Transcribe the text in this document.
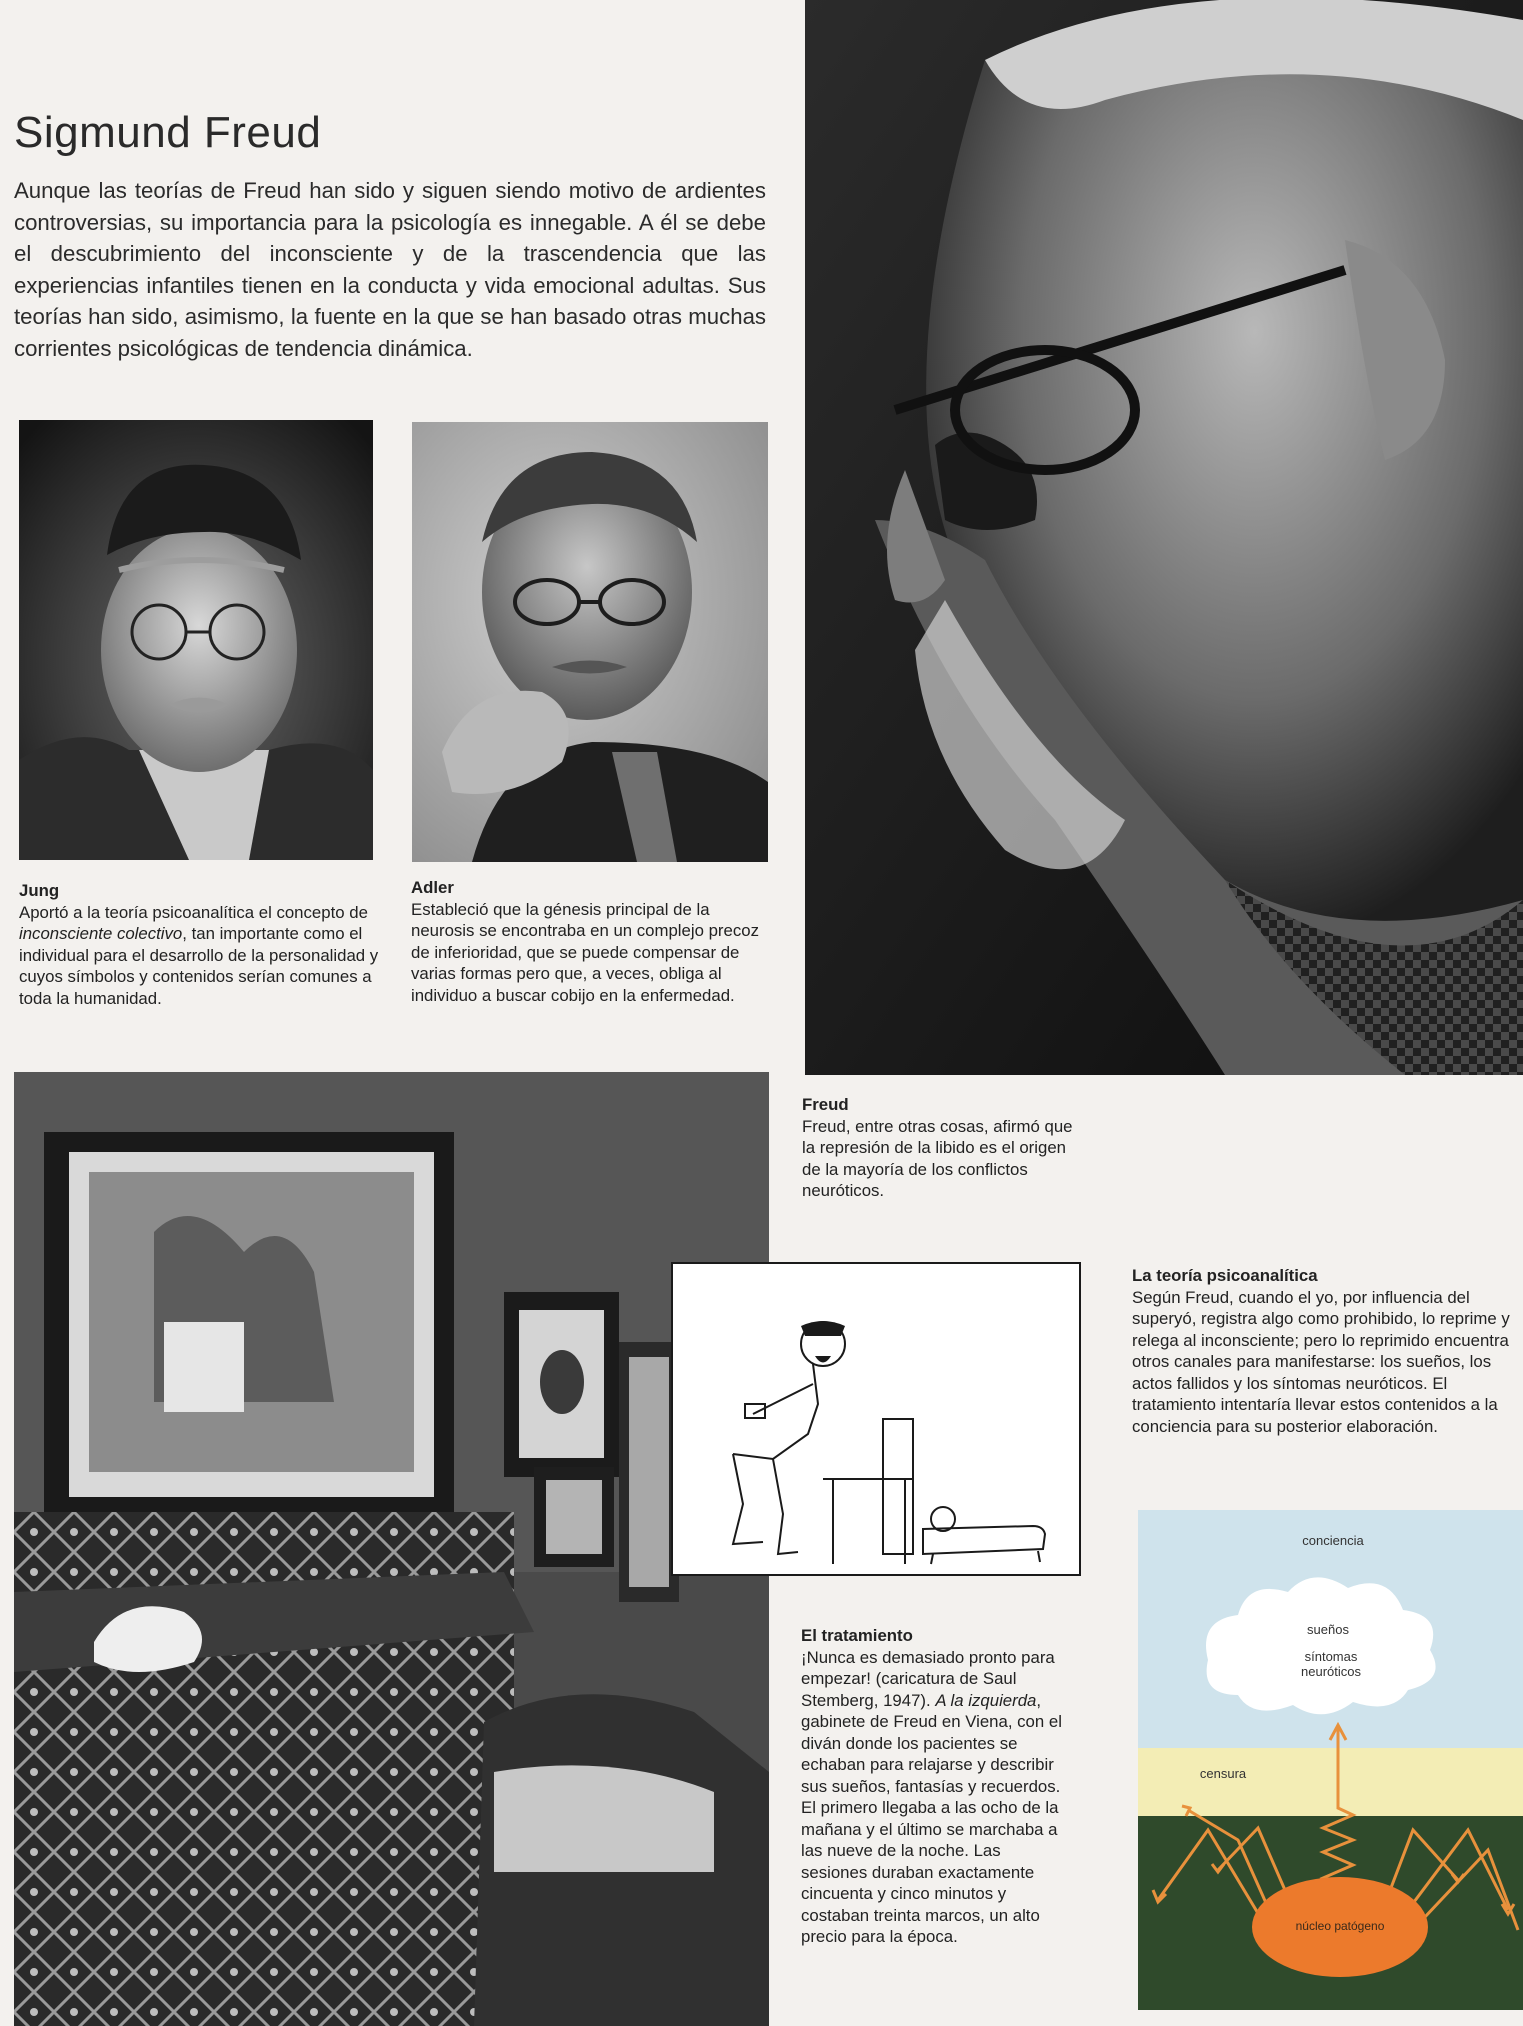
Sigmund Freud
Aunque las teorías de Freud han sido y siguen siendo motivo de ardientes controversias, su importancia para la psicología es innegable. A él se debe el descubrimiento del inconsciente y de la trascendencia que las experiencias infantiles tienen en la conducta y vida emocional adultas. Sus teorías han sido, asimismo, la fuente en la que se han basado otras muchas corrientes psicológicas de tendencia dinámica.
Jung
Aportó a la teoría psicoanalítica el concepto de inconsciente colectivo, tan importante como el individual para el desarrollo de la personalidad y cuyos símbolos y contenidos serían comunes a toda la humanidad.
Adler
Estableció que la génesis principal de la neurosis se encontraba en un complejo precoz de inferioridad, que se puede compensar de varias formas pero que, a veces, obliga al individuo a buscar cobijo en la enfermedad.
Freud
Freud, entre otras cosas, afirmó que la represión de la libido es el origen de la mayoría de los conflictos neuróticos.
El tratamiento
¡Nunca es demasiado pronto para empezar! (caricatura de Saul Stemberg, 1947). A la izquierda, gabinete de Freud en Viena, con el diván donde los pacientes se echaban para relajarse y describir sus sueños, fantasías y recuerdos. El primero llegaba a las ocho de la mañana y el último se marchaba a las nueve de la noche. Las sesiones duraban exactamente cincuenta y cinco minutos y costaban treinta marcos, un alto precio para la época.
La teoría psicoanalítica
Según Freud, cuando el yo, por influencia del superyó, registra algo como prohibido, lo reprime y relega al inconsciente; pero lo reprimido encuentra otros canales para manifestarse: los sueños, los actos fallidos y los síntomas neuróticos. El tratamiento intentaría llevar estos contenidos a la conciencia para su posterior elaboración.
conciencia
sueños
síntomas
neuróticos
censura
núcleo patógeno
